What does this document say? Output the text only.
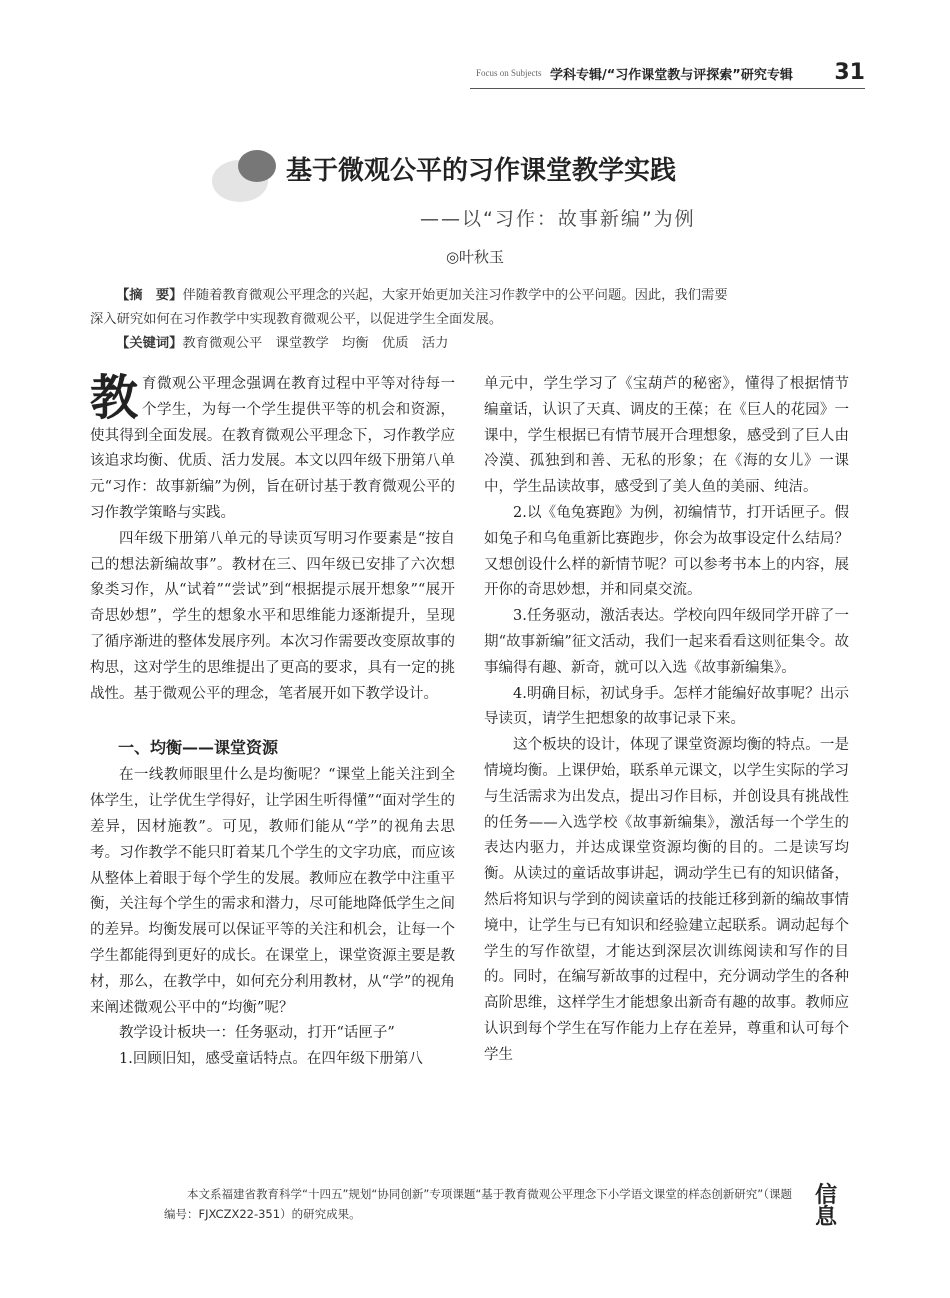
Focus on Subjects 学科专辑/“习作课堂教与评探索”研究专辑 31
基于微观公平的习作课堂教学实践
——以“习作：故事新编”为例
◎叶秋玉

【摘　要】伴随着教育微观公平理念的兴起，大家开始更加关注习作教学中的公平问题。因此，我们需要

深入研究如何在习作教学中实现教育微观公平，以促进学生全面发展。

【关键词】教育微观公平　课堂教学　均衡　优质　活力

教育微观公平理念强调在教育过程中平等对待每一个学生，为每一个学生提供平等的机会和资源，使其得到全面发展。在教育微观公平理念下，习作教学应该追求均衡、优质、活力发展。本文以四年级下册第八单元“习作：故事新编”为例，旨在研讨基于教育微观公平的习作教学策略与实践。

四年级下册第八单元的导读页写明习作要素是“按自己的想法新编故事”。教材在三、四年级已安排了六次想象类习作，从“试着”“尝试”到“根据提示展开想象”“展开奇思妙想”，学生的想象水平和思维能力逐渐提升，呈现了循序渐进的整体发展序列。本次习作需要改变原故事的构思，这对学生的思维提出了更高的要求，具有一定的挑战性。基于微观公平的理念，笔者展开如下教学设计。

一、均衡——课堂资源

在一线教师眼里什么是均衡呢？“课堂上能关注到全体学生，让学优生学得好，让学困生听得懂”“面对学生的差异，因材施教”。可见，教师们能从“学”的视角去思考。习作教学不能只盯着某几个学生的文字功底，而应该从整体上着眼于每个学生的发展。教师应在教学中注重平衡，关注每个学生的需求和潜力，尽可能地降低学生之间的差异。均衡发展可以保证平等的关注和机会，让每一个学生都能得到更好的成长。在课堂上，课堂资源主要是教材，那么，在教学中，如何充分利用教材，从“学”的视角来阐述微观公平中的“均衡”呢？

教学设计板块一：任务驱动，打开“话匣子”

1.回顾旧知，感受童话特点。在四年级下册第八

单元中，学生学习了《宝葫芦的秘密》，懂得了根据情节编童话，认识了天真、调皮的王葆；在《巨人的花园》一课中，学生根据已有情节展开合理想象，感受到了巨人由冷漠、孤独到和善、无私的形象；在《海的女儿》一课中，学生品读故事，感受到了美人鱼的美丽、纯洁。

2.以《龟兔赛跑》为例，初编情节，打开话匣子。假如兔子和乌龟重新比赛跑步，你会为故事设定什么结局？又想创设什么样的新情节呢？可以参考书本上的内容，展开你的奇思妙想，并和同桌交流。

3.任务驱动，激活表达。学校向四年级同学开辟了一期“故事新编”征文活动，我们一起来看看这则征集令。故事编得有趣、新奇，就可以入选《故事新编集》。

4.明确目标，初试身手。怎样才能编好故事呢？出示导读页，请学生把想象的故事记录下来。

这个板块的设计，体现了课堂资源均衡的特点。一是情境均衡。上课伊始，联系单元课文，以学生实际的学习与生活需求为出发点，提出习作目标，并创设具有挑战性的任务——入选学校《故事新编集》，激活每一个学生的表达内驱力，并达成课堂资源均衡的目的。二是读写均衡。从读过的童话故事讲起，调动学生已有的知识储备，然后将知识与学到的阅读童话的技能迁移到新的编故事情境中，让学生与已有知识和经验建立起联系。调动起每个学生的写作欲望，才能达到深层次训练阅读和写作的目的。同时，在编写新故事的过程中，充分调动学生的各种高阶思维，这样学生才能想象出新奇有趣的故事。教师应认识到每个学生在写作能力上存在差异，尊重和认可每个学生

本文系福建省教育科学“十四五”规划“协同创新”专项课题“基于教育微观公平理念下小学语文课堂的样态创新研究”（课题编号：FJXCZX22-351）的研究成果。

信
息
